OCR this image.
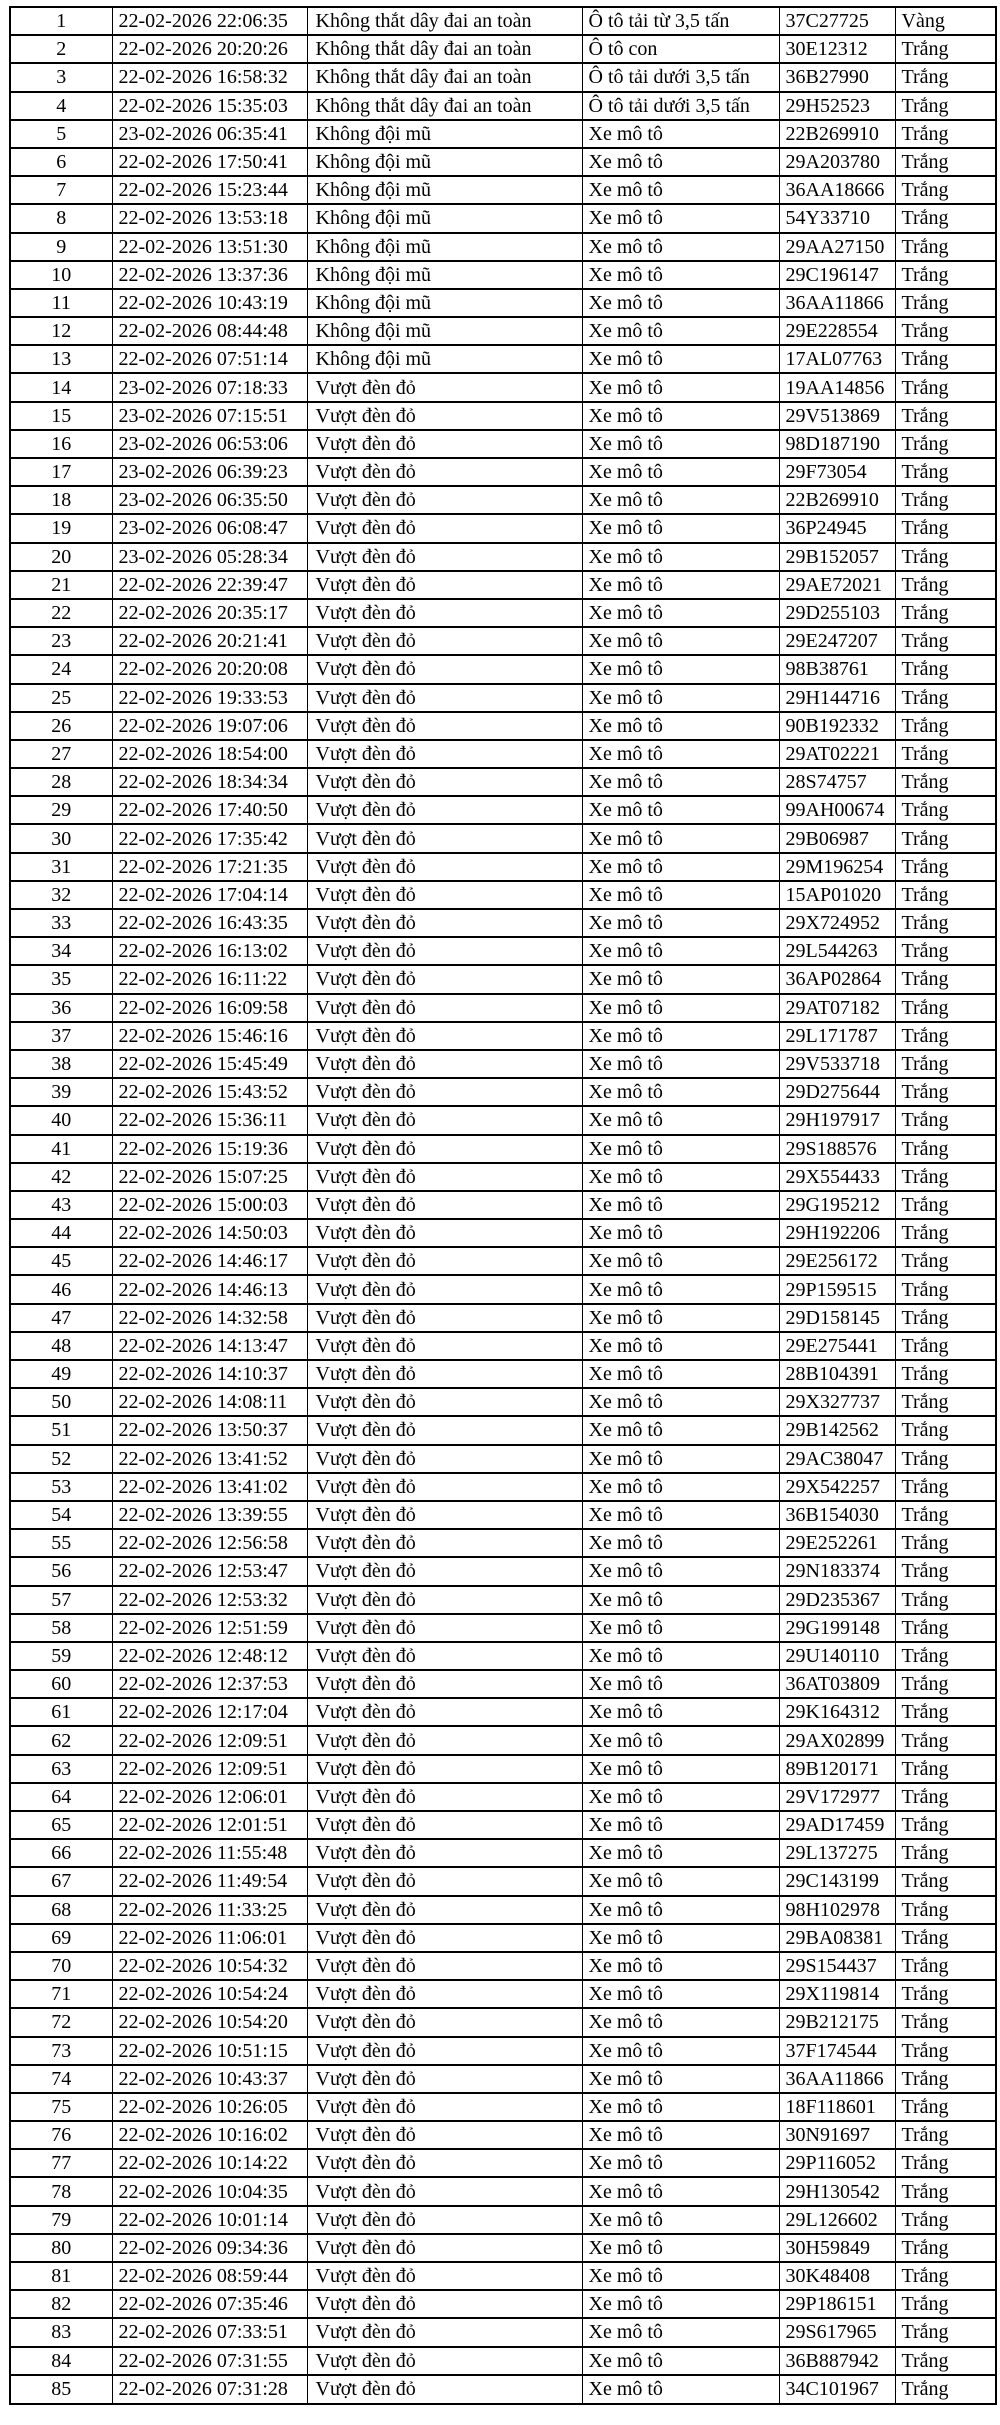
1	22-02-2026 22:06:35	Không thắt dây đai an toàn	Ô tô tải từ 3,5 tấn	37C27725	Vàng
2	22-02-2026 20:20:26	Không thắt dây đai an toàn	Ô tô con	30E12312	Trắng
3	22-02-2026 16:58:32	Không thắt dây đai an toàn	Ô tô tải dưới 3,5 tấn	36B27990	Trắng
4	22-02-2026 15:35:03	Không thắt dây đai an toàn	Ô tô tải dưới 3,5 tấn	29H52523	Trắng
5	23-02-2026 06:35:41	Không đội mũ	Xe mô tô	22B269910	Trắng
6	22-02-2026 17:50:41	Không đội mũ	Xe mô tô	29A203780	Trắng
7	22-02-2026 15:23:44	Không đội mũ	Xe mô tô	36AA18666	Trắng
8	22-02-2026 13:53:18	Không đội mũ	Xe mô tô	54Y33710	Trắng
9	22-02-2026 13:51:30	Không đội mũ	Xe mô tô	29AA27150	Trắng
10	22-02-2026 13:37:36	Không đội mũ	Xe mô tô	29C196147	Trắng
11	22-02-2026 10:43:19	Không đội mũ	Xe mô tô	36AA11866	Trắng
12	22-02-2026 08:44:48	Không đội mũ	Xe mô tô	29E228554	Trắng
13	22-02-2026 07:51:14	Không đội mũ	Xe mô tô	17AL07763	Trắng
14	23-02-2026 07:18:33	Vượt đèn đỏ	Xe mô tô	19AA14856	Trắng
15	23-02-2026 07:15:51	Vượt đèn đỏ	Xe mô tô	29V513869	Trắng
16	23-02-2026 06:53:06	Vượt đèn đỏ	Xe mô tô	98D187190	Trắng
17	23-02-2026 06:39:23	Vượt đèn đỏ	Xe mô tô	29F73054	Trắng
18	23-02-2026 06:35:50	Vượt đèn đỏ	Xe mô tô	22B269910	Trắng
19	23-02-2026 06:08:47	Vượt đèn đỏ	Xe mô tô	36P24945	Trắng
20	23-02-2026 05:28:34	Vượt đèn đỏ	Xe mô tô	29B152057	Trắng
21	22-02-2026 22:39:47	Vượt đèn đỏ	Xe mô tô	29AE72021	Trắng
22	22-02-2026 20:35:17	Vượt đèn đỏ	Xe mô tô	29D255103	Trắng
23	22-02-2026 20:21:41	Vượt đèn đỏ	Xe mô tô	29E247207	Trắng
24	22-02-2026 20:20:08	Vượt đèn đỏ	Xe mô tô	98B38761	Trắng
25	22-02-2026 19:33:53	Vượt đèn đỏ	Xe mô tô	29H144716	Trắng
26	22-02-2026 19:07:06	Vượt đèn đỏ	Xe mô tô	90B192332	Trắng
27	22-02-2026 18:54:00	Vượt đèn đỏ	Xe mô tô	29AT02221	Trắng
28	22-02-2026 18:34:34	Vượt đèn đỏ	Xe mô tô	28S74757	Trắng
29	22-02-2026 17:40:50	Vượt đèn đỏ	Xe mô tô	99AH00674	Trắng
30	22-02-2026 17:35:42	Vượt đèn đỏ	Xe mô tô	29B06987	Trắng
31	22-02-2026 17:21:35	Vượt đèn đỏ	Xe mô tô	29M196254	Trắng
32	22-02-2026 17:04:14	Vượt đèn đỏ	Xe mô tô	15AP01020	Trắng
33	22-02-2026 16:43:35	Vượt đèn đỏ	Xe mô tô	29X724952	Trắng
34	22-02-2026 16:13:02	Vượt đèn đỏ	Xe mô tô	29L544263	Trắng
35	22-02-2026 16:11:22	Vượt đèn đỏ	Xe mô tô	36AP02864	Trắng
36	22-02-2026 16:09:58	Vượt đèn đỏ	Xe mô tô	29AT07182	Trắng
37	22-02-2026 15:46:16	Vượt đèn đỏ	Xe mô tô	29L171787	Trắng
38	22-02-2026 15:45:49	Vượt đèn đỏ	Xe mô tô	29V533718	Trắng
39	22-02-2026 15:43:52	Vượt đèn đỏ	Xe mô tô	29D275644	Trắng
40	22-02-2026 15:36:11	Vượt đèn đỏ	Xe mô tô	29H197917	Trắng
41	22-02-2026 15:19:36	Vượt đèn đỏ	Xe mô tô	29S188576	Trắng
42	22-02-2026 15:07:25	Vượt đèn đỏ	Xe mô tô	29X554433	Trắng
43	22-02-2026 15:00:03	Vượt đèn đỏ	Xe mô tô	29G195212	Trắng
44	22-02-2026 14:50:03	Vượt đèn đỏ	Xe mô tô	29H192206	Trắng
45	22-02-2026 14:46:17	Vượt đèn đỏ	Xe mô tô	29E256172	Trắng
46	22-02-2026 14:46:13	Vượt đèn đỏ	Xe mô tô	29P159515	Trắng
47	22-02-2026 14:32:58	Vượt đèn đỏ	Xe mô tô	29D158145	Trắng
48	22-02-2026 14:13:47	Vượt đèn đỏ	Xe mô tô	29E275441	Trắng
49	22-02-2026 14:10:37	Vượt đèn đỏ	Xe mô tô	28B104391	Trắng
50	22-02-2026 14:08:11	Vượt đèn đỏ	Xe mô tô	29X327737	Trắng
51	22-02-2026 13:50:37	Vượt đèn đỏ	Xe mô tô	29B142562	Trắng
52	22-02-2026 13:41:52	Vượt đèn đỏ	Xe mô tô	29AC38047	Trắng
53	22-02-2026 13:41:02	Vượt đèn đỏ	Xe mô tô	29X542257	Trắng
54	22-02-2026 13:39:55	Vượt đèn đỏ	Xe mô tô	36B154030	Trắng
55	22-02-2026 12:56:58	Vượt đèn đỏ	Xe mô tô	29E252261	Trắng
56	22-02-2026 12:53:47	Vượt đèn đỏ	Xe mô tô	29N183374	Trắng
57	22-02-2026 12:53:32	Vượt đèn đỏ	Xe mô tô	29D235367	Trắng
58	22-02-2026 12:51:59	Vượt đèn đỏ	Xe mô tô	29G199148	Trắng
59	22-02-2026 12:48:12	Vượt đèn đỏ	Xe mô tô	29U140110	Trắng
60	22-02-2026 12:37:53	Vượt đèn đỏ	Xe mô tô	36AT03809	Trắng
61	22-02-2026 12:17:04	Vượt đèn đỏ	Xe mô tô	29K164312	Trắng
62	22-02-2026 12:09:51	Vượt đèn đỏ	Xe mô tô	29AX02899	Trắng
63	22-02-2026 12:09:51	Vượt đèn đỏ	Xe mô tô	89B120171	Trắng
64	22-02-2026 12:06:01	Vượt đèn đỏ	Xe mô tô	29V172977	Trắng
65	22-02-2026 12:01:51	Vượt đèn đỏ	Xe mô tô	29AD17459	Trắng
66	22-02-2026 11:55:48	Vượt đèn đỏ	Xe mô tô	29L137275	Trắng
67	22-02-2026 11:49:54	Vượt đèn đỏ	Xe mô tô	29C143199	Trắng
68	22-02-2026 11:33:25	Vượt đèn đỏ	Xe mô tô	98H102978	Trắng
69	22-02-2026 11:06:01	Vượt đèn đỏ	Xe mô tô	29BA08381	Trắng
70	22-02-2026 10:54:32	Vượt đèn đỏ	Xe mô tô	29S154437	Trắng
71	22-02-2026 10:54:24	Vượt đèn đỏ	Xe mô tô	29X119814	Trắng
72	22-02-2026 10:54:20	Vượt đèn đỏ	Xe mô tô	29B212175	Trắng
73	22-02-2026 10:51:15	Vượt đèn đỏ	Xe mô tô	37F174544	Trắng
74	22-02-2026 10:43:37	Vượt đèn đỏ	Xe mô tô	36AA11866	Trắng
75	22-02-2026 10:26:05	Vượt đèn đỏ	Xe mô tô	18F118601	Trắng
76	22-02-2026 10:16:02	Vượt đèn đỏ	Xe mô tô	30N91697	Trắng
77	22-02-2026 10:14:22	Vượt đèn đỏ	Xe mô tô	29P116052	Trắng
78	22-02-2026 10:04:35	Vượt đèn đỏ	Xe mô tô	29H130542	Trắng
79	22-02-2026 10:01:14	Vượt đèn đỏ	Xe mô tô	29L126602	Trắng
80	22-02-2026 09:34:36	Vượt đèn đỏ	Xe mô tô	30H59849	Trắng
81	22-02-2026 08:59:44	Vượt đèn đỏ	Xe mô tô	30K48408	Trắng
82	22-02-2026 07:35:46	Vượt đèn đỏ	Xe mô tô	29P186151	Trắng
83	22-02-2026 07:33:51	Vượt đèn đỏ	Xe mô tô	29S617965	Trắng
84	22-02-2026 07:31:55	Vượt đèn đỏ	Xe mô tô	36B887942	Trắng
85	22-02-2026 07:31:28	Vượt đèn đỏ	Xe mô tô	34C101967	Trắng
